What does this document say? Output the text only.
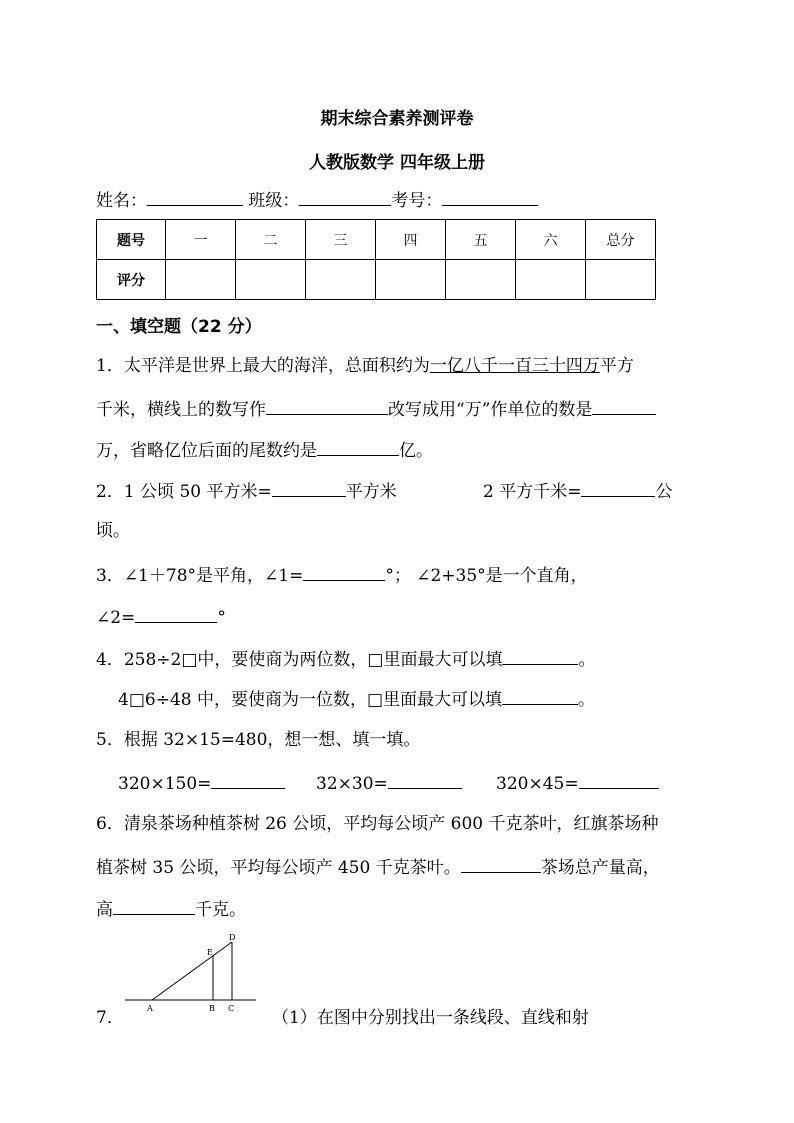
期末综合素养测评卷
人教版数学 四年级上册
姓名：	班级：	考号：
题号	一	二	三	四	五	六	总分
评分							
一、填空题（22 分）
1．太平洋是世界上最大的海洋，总面积约为一亿八千一百三十四万平方
千米，横线上的数写作	改写成用“万”作单位的数是
万，省略亿位后面的尾数约是	亿。
2．1 公顷 50 平方米=	平方米	2 平方千米=	公
顷。
3．∠1＋78°是平角，∠1=	°； ∠2+35°是一个直角，
∠2=	°
4．258÷2□中，要使商为两位数，□里面最大可以填	。
4□6÷48 中，要使商为一位数，□里面最大可以填	。
5．根据 32×15=480，想一想、填一填。
320×150=	32×30=	320×45=
6．清泉茶场种植茶树 26 公顷，平均每公顷产 600 千克茶叶，红旗茶场种
植茶树 35 公顷，平均每公顷产 450 千克茶叶。	茶场总产量高，
高	千克。
7．	A	B C
D
E
（1）在图中分别找出一条线段、直线和射
